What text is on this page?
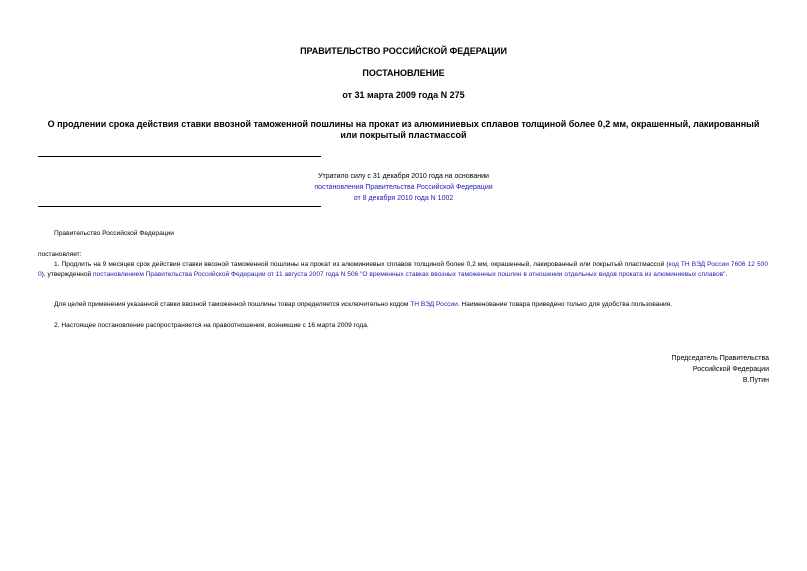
ПРАВИТЕЛЬСТВО РОССИЙСКОЙ ФЕДЕРАЦИИ
ПОСТАНОВЛЕНИЕ
от 31 марта 2009 года N 275
О продлении срока действия ставки ввозной таможенной пошлины на прокат из алюминиевых сплавов толщиной более 0,2 мм, окрашенный, лакированный или покрытый пластмассой
Утратило силу с 31 декабря 2010 года на основании
постановления Правительства Российской Федерации
от 8 декабря 2010 года N 1002
Правительство Российской Федерации
постановляет:
1. Продлить на 9 месяцев срок действия ставки ввозной таможенной пошлины на прокат из алюминиевых сплавов толщиной более 0,2 мм, окрашенный, лакированный или покрытый пластмассой (код ТН ВЭД России 7606 12 500 0), утвержденной постановлением Правительства Российской Федерации от 11 августа 2007 года N 506 "О временных ставках ввозных таможенных пошлин в отношении отдельных видов проката из алюминиевых сплавов".
Для целей применения указанной ставки ввозной таможенной пошлины товар определяется исключительно кодом ТН ВЭД России. Наименование товара приведено только для удобства пользования.
2. Настоящее постановление распространяется на правоотношения, возникшие с 16 марта 2009 года.
Председатель Правительства
Российской Федерации
В.Путин
